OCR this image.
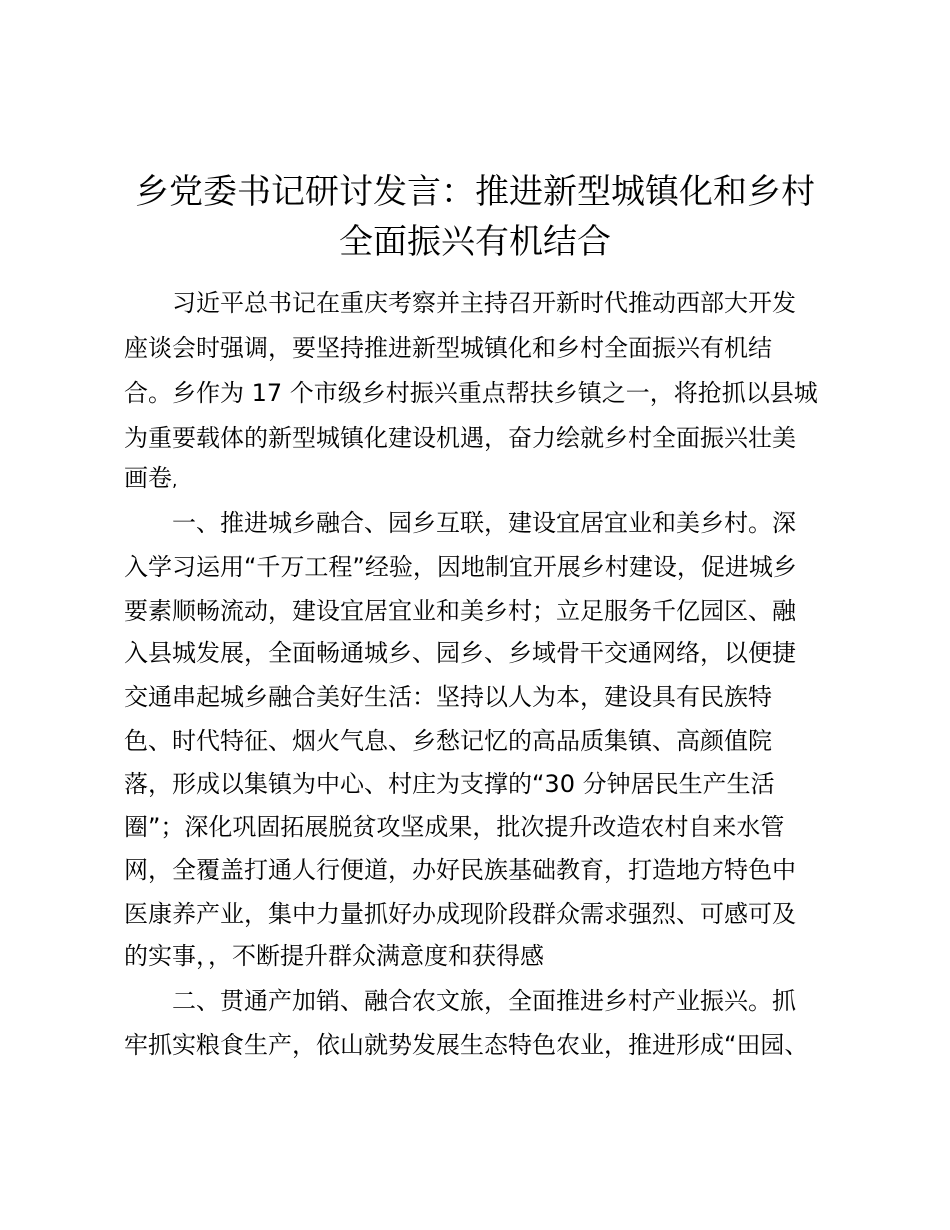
乡党委书记研讨发言：推进新型城镇化和乡村
全面振兴有机结合

习近平总书记在重庆考察并主持召开新时代推动西部大开发

座谈会时强调，要坚持推进新型城镇化和乡村全面振兴有机结

合。乡作为 17 个市级乡村振兴重点帮扶乡镇之一，将抢抓以县城

为重要载体的新型城镇化建设机遇，奋力绘就乡村全面振兴壮美

画卷,

一、推进城乡融合、园乡互联，建设宜居宜业和美乡村。深

入学习运用“千万工程”经验，因地制宜开展乡村建设，促进城乡

要素顺畅流动，建设宜居宜业和美乡村；立足服务千亿园区、融

入县城发展，全面畅通城乡、园乡、乡域骨干交通网络，以便捷

交通串起城乡融合美好生活：坚持以人为本，建设具有民族特

色、时代特征、烟火气息、乡愁记忆的高品质集镇、高颜值院

落，形成以集镇为中心、村庄为支撑的“30 分钟居民生产生活

圈”；深化巩固拓展脱贫攻坚成果，批次提升改造农村自来水管

网，全覆盖打通人行便道，办好民族基础教育，打造地方特色中

医康养产业，集中力量抓好办成现阶段群众需求强烈、可感可及

的实事，，不断提升群众满意度和获得感

二、贯通产加销、融合农文旅，全面推进乡村产业振兴。抓

牢抓实粮食生产，依山就势发展生态特色农业，推进形成“田园、
